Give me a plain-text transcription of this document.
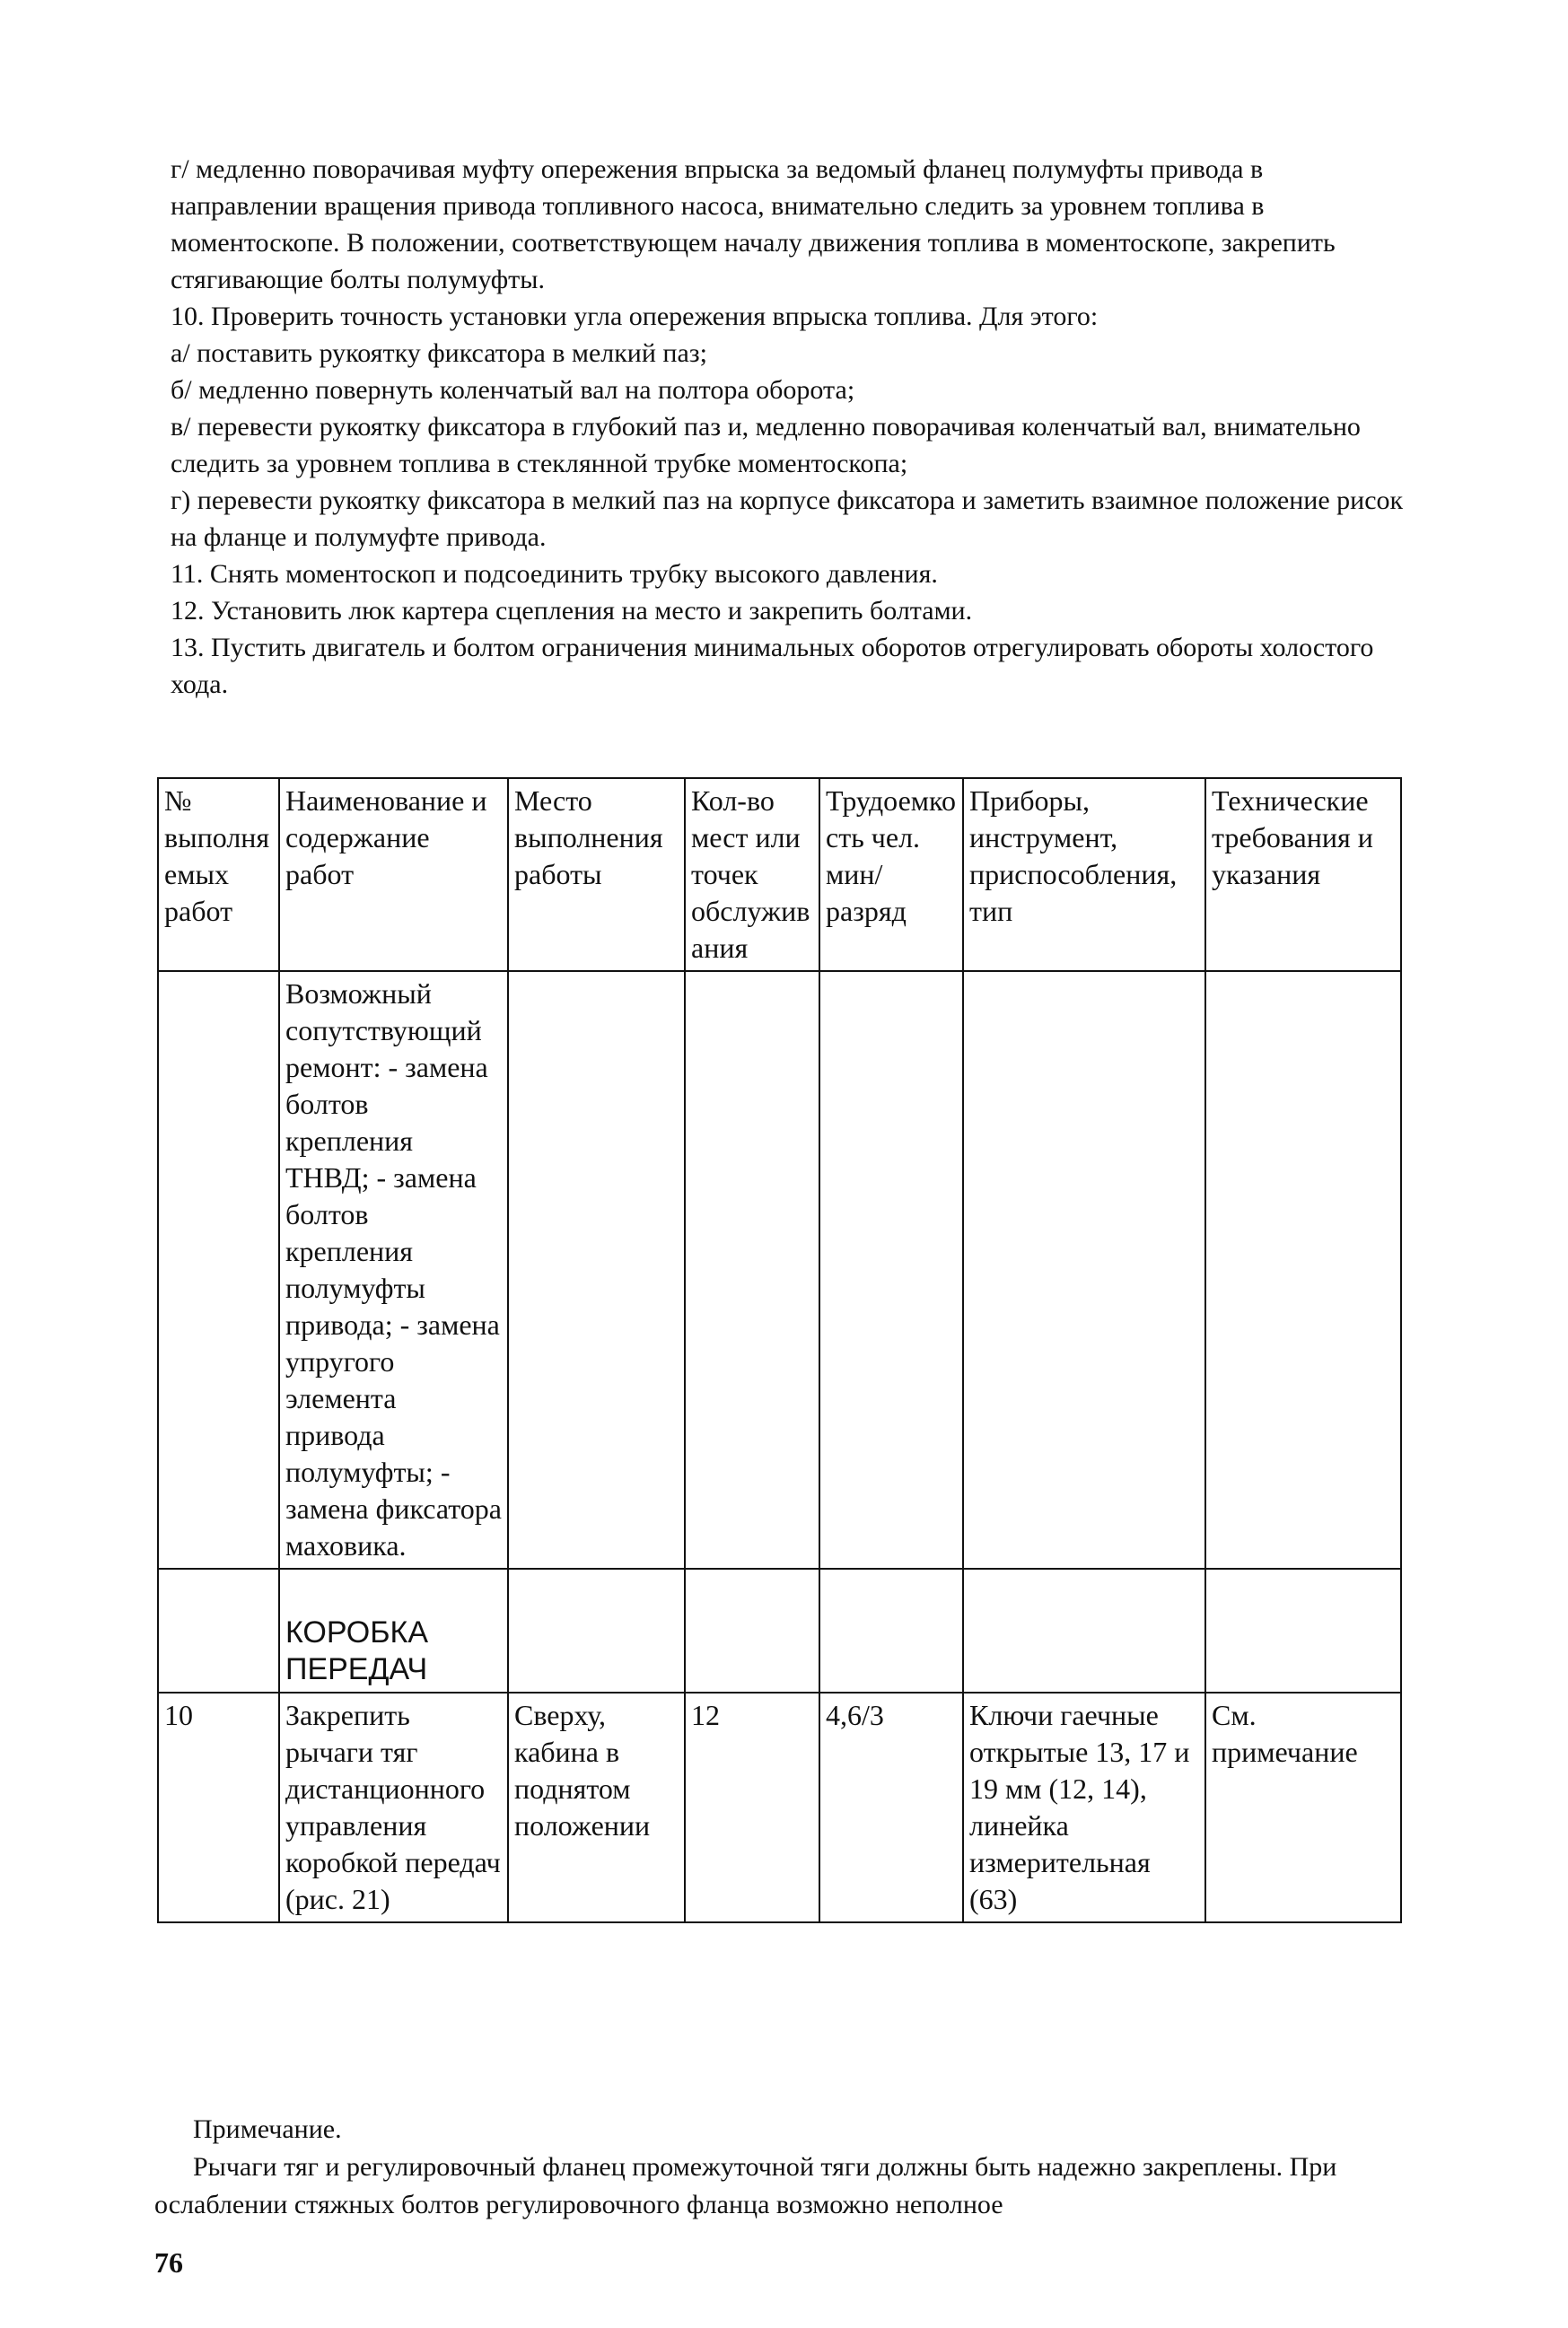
г/ медленно поворачивая муфту опережения впрыска за ведомый фланец полумуфты привода в

направлении вращения привода топливного насоса, внимательно следить за уровнем топлива в моментоскопе. В положении, соответствующем началу движения топлива в моментоскопе, закрепить стягивающие болты полумуфты.

10. Проверить точность установки угла опережения впрыска топлива. Для этого:

а/ поставить рукоятку фиксатора в мелкий паз;

б/ медленно повернуть коленчатый вал на полтора оборота;

в/ перевести рукоятку фиксатора в глубокий паз и, медленно поворачивая коленчатый вал, внимательно следить за уровнем топлива в стеклянной трубке моментоскопа;

г) перевести рукоятку фиксатора в мелкий паз на корпусе фиксатора и заметить взаимное положение рисок на фланце и полумуфте привода.

11. Снять моментоскоп и подсоединить трубку высокого давления.

12. Установить люк картера сцепления на место и закрепить болтами.

13. Пустить двигатель и болтом ограничения минимальных оборотов отрегулировать обороты холостого хода.

№ выполняемых работ	Наименование и содержание работ	Место выполнения работы	Кол-во мест или точек обслуживания	Трудоемкость чел. мин/разряд	Приборы, инструмент, приспособления, тип	Технические требования и указания
	Возможный сопутствующий ремонт: - замена болтов крепления ТНВД; - замена болтов крепления полумуфты привода; - замена упругого элемента привода полумуфты; - замена фиксатора маховика.					
	КОРОБКА ПЕРЕДАЧ					
10	Закрепить рычаги тяг дистанционного управления коробкой передач (рис. 21)	Сверху, кабина в поднятом положении	12	4,6/3	Ключи гаечные открытые 13, 17 и 19 мм (12, 14), линейка измерительная (63)	См. примечание

Примечание.

Рычаги тяг и регулировочный фланец промежуточной тяги должны быть надежно закреплены. При ослаблении стяжных болтов регулировочного фланца возможно неполное

76
